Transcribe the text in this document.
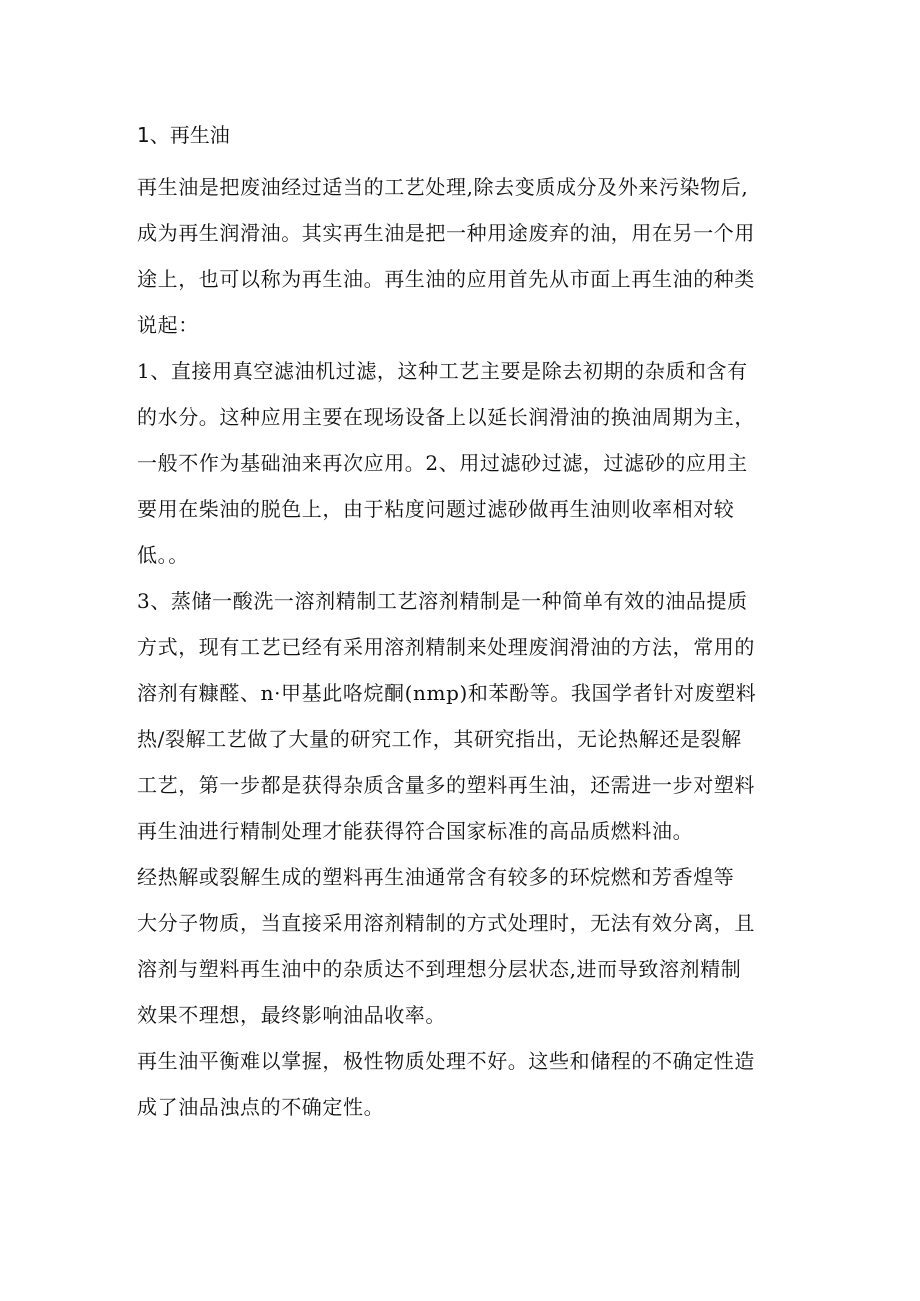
1、再生油
再生油是把废油经过适当的工艺处理,除去变质成分及外来污染物后,
成为再生润滑油。其实再生油是把一种用途废弃的油，用在另一个用
途上，也可以称为再生油。再生油的应用首先从市面上再生油的种类
说起：
1、直接用真空滤油机过滤，这种工艺主要是除去初期的杂质和含有
的水分。这种应用主要在现场设备上以延长润滑油的换油周期为主，
一般不作为基础油来再次应用。2、用过滤砂过滤，过滤砂的应用主
要用在柴油的脱色上，由于粘度问题过滤砂做再生油则收率相对较
低。。
3、蒸储一酸洗一溶剂精制工艺溶剂精制是一种简单有效的油品提质
方式，现有工艺已经有采用溶剂精制来处理废润滑油的方法，常用的
溶剂有糠醛、n·甲基此咯烷酮(nmp)和苯酚等。我国学者针对废塑料
热/裂解工艺做了大量的研究工作，其研究指出，无论热解还是裂解
工艺，第一步都是获得杂质含量多的塑料再生油，还需进一步对塑料
再生油进行精制处理才能获得符合国家标准的高品质燃料油。
经热解或裂解生成的塑料再生油通常含有较多的环烷燃和芳香煌等
大分子物质，当直接采用溶剂精制的方式处理时，无法有效分离，且
溶剂与塑料再生油中的杂质达不到理想分层状态,进而导致溶剂精制
效果不理想，最终影响油品收率。
再生油平衡难以掌握，极性物质处理不好。这些和储程的不确定性造
成了油品浊点的不确定性。
